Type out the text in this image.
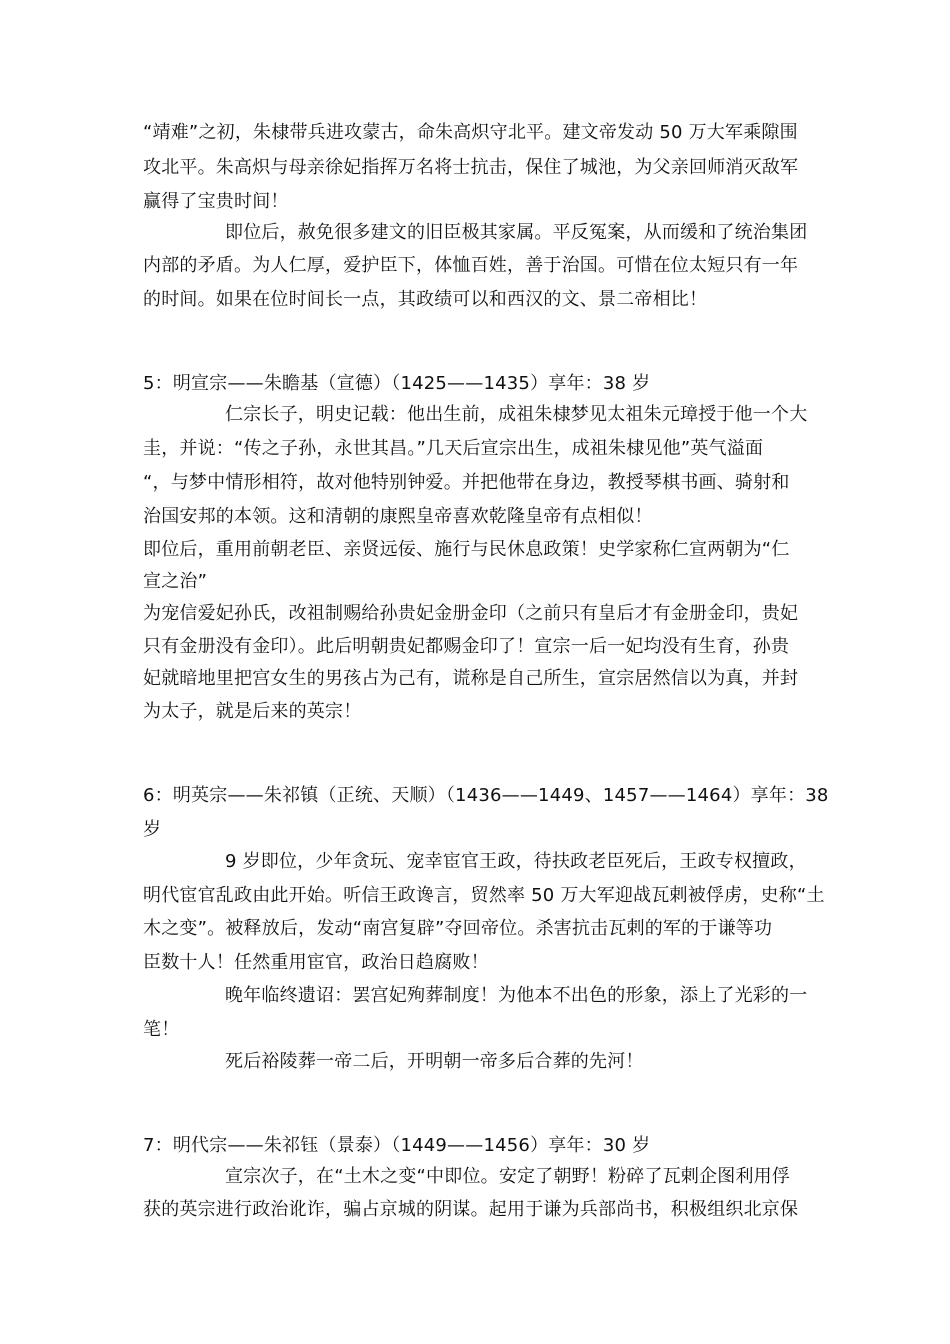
“靖难”之初，朱棣带兵进攻蒙古，命朱高炽守北平。建文帝发动 50 万大军乘隙围
攻北平。朱高炽与母亲徐妃指挥万名将士抗击，保住了城池，为父亲回师消灭敌军
赢得了宝贵时间！
即位后，赦免很多建文的旧臣极其家属。平反冤案，从而缓和了统治集团
内部的矛盾。为人仁厚，爱护臣下，体恤百姓，善于治国。可惜在位太短只有一年
的时间。如果在位时间长一点，其政绩可以和西汉的文、景二帝相比！
5：明宣宗——朱瞻基（宣德）（1425——1435）享年：38 岁
仁宗长子，明史记载：他出生前，成祖朱棣梦见太祖朱元璋授于他一个大
圭，并说：“传之子孙，永世其昌。”几天后宣宗出生，成祖朱棣见他”英气溢面
“，与梦中情形相符，故对他特别钟爱。并把他带在身边，教授琴棋书画、骑射和
治国安邦的本领。这和清朝的康熙皇帝喜欢乾隆皇帝有点相似！
即位后，重用前朝老臣、亲贤远佞、施行与民休息政策！史学家称仁宣两朝为“仁
宣之治”
为宠信爱妃孙氏，改祖制赐给孙贵妃金册金印（之前只有皇后才有金册金印，贵妃
只有金册没有金印）。此后明朝贵妃都赐金印了！宣宗一后一妃均没有生育，孙贵
妃就暗地里把宫女生的男孩占为己有，谎称是自己所生，宣宗居然信以为真，并封
为太子，就是后来的英宗！
6：明英宗——朱祁镇（正统、天顺）（1436——1449、1457——1464）享年：38
岁
9 岁即位，少年贪玩、宠幸宦官王政，待扶政老臣死后，王政专权擅政，
明代宦官乱政由此开始。听信王政谗言，贸然率 50 万大军迎战瓦剌被俘虏，史称“土
木之变”。被释放后，发动“南宫复辟”夺回帝位。杀害抗击瓦剌的军的于谦等功
臣数十人！任然重用宦官，政治日趋腐败！
晚年临终遗诏：罢宫妃殉葬制度！为他本不出色的形象，添上了光彩的一
笔！
死后裕陵葬一帝二后，开明朝一帝多后合葬的先河！
7：明代宗——朱祁钰（景泰）（1449——1456）享年：30 岁
宣宗次子，在“土木之变“中即位。安定了朝野！粉碎了瓦剌企图利用俘
获的英宗进行政治讹诈，骗占京城的阴谋。起用于谦为兵部尚书，积极组织北京保
